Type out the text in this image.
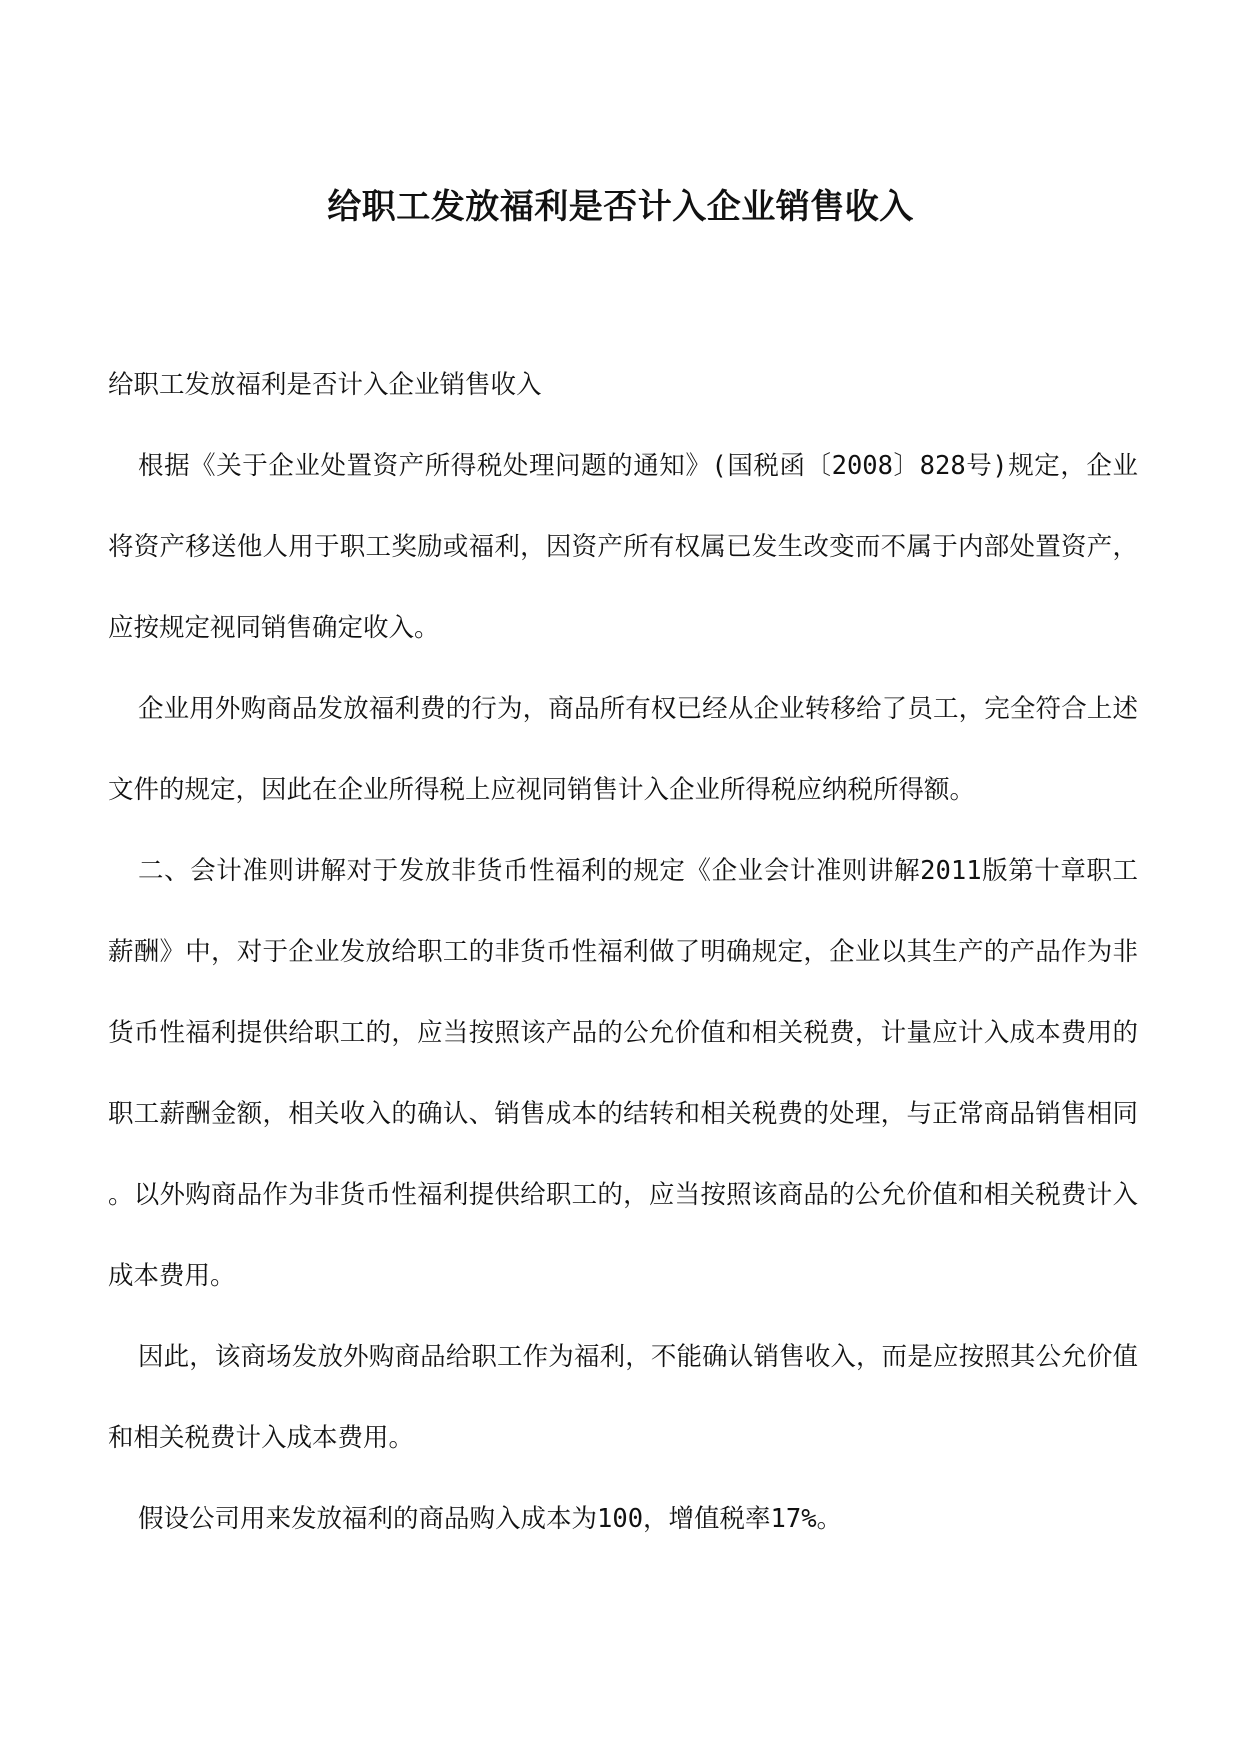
给职工发放福利是否计入企业销售收入

给职工发放福利是否计入企业销售收入

根据《关于企业处置资产所得税处理问题的通知》(国税函〔2008〕828号)规定，企业将资产移送他人用于职工奖励或福利，因资产所有权属已发生改变而不属于内部处置资产，应按规定视同销售确定收入。

企业用外购商品发放福利费的行为，商品所有权已经从企业转移给了员工，完全符合上述文件的规定，因此在企业所得税上应视同销售计入企业所得税应纳税所得额。

二、会计准则讲解对于发放非货币性福利的规定《企业会计准则讲解2011版第十章职工薪酬》中，对于企业发放给职工的非货币性福利做了明确规定，企业以其生产的产品作为非货币性福利提供给职工的，应当按照该产品的公允价值和相关税费，计量应计入成本费用的职工薪酬金额，相关收入的确认、销售成本的结转和相关税费的处理，与正常商品销售相同。以外购商品作为非货币性福利提供给职工的，应当按照该商品的公允价值和相关税费计入成本费用。

因此，该商场发放外购商品给职工作为福利，不能确认销售收入，而是应按照其公允价值和相关税费计入成本费用。

假设公司用来发放福利的商品购入成本为100，增值税率17%。
